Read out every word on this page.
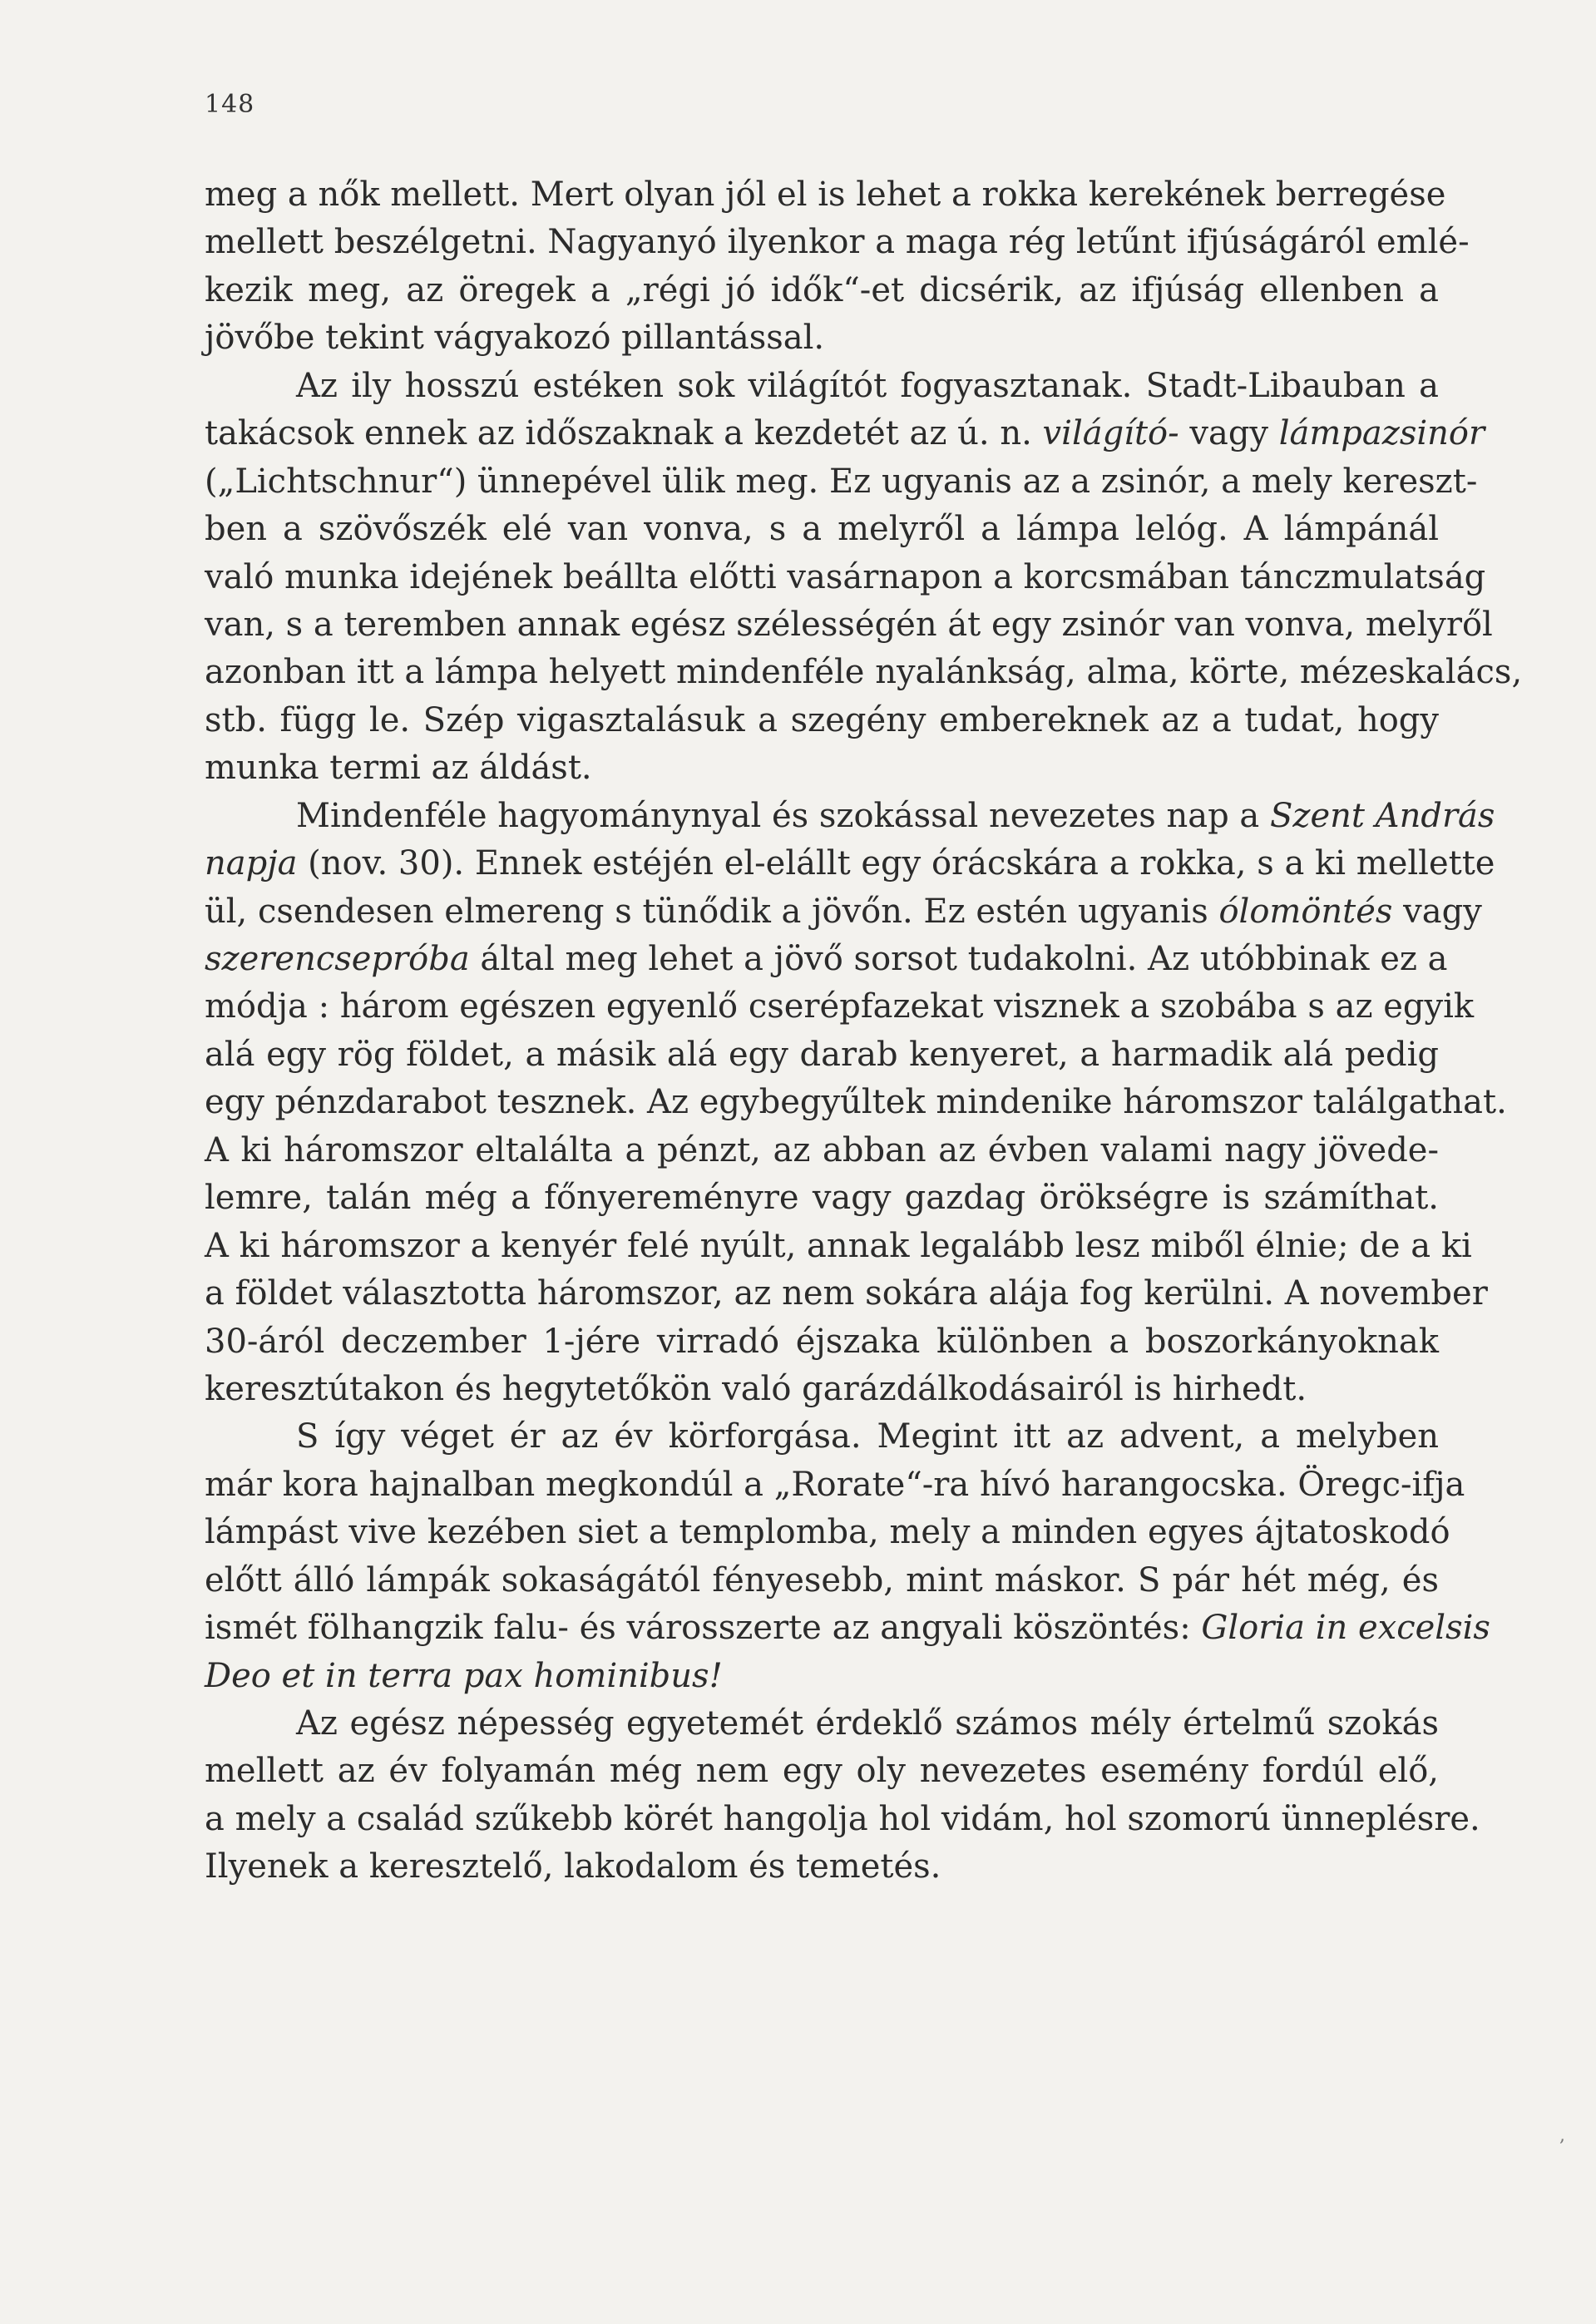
148
meg a nők mellett. Mert olyan jól el is lehet a rokka kerekének berregése
mellett beszélgetni. Nagyanyó ilyenkor a maga rég letűnt ifjúságáról emlé-
kezik meg, az öregek a „régi jó idők“-et dicsérik, az ifjúság ellenben a
jövőbe tekint vágyakozó pillantással.
Az ily hosszú estéken sok világítót fogyasztanak. Stadt-Libauban a
takácsok ennek az időszaknak a kezdetét az ú. n. világító- vagy lámpazsinór
(„Lichtschnur“) ünnepével ülik meg. Ez ugyanis az a zsinór, a mely kereszt-
ben a szövőszék elé van vonva, s a melyről a lámpa lelóg. A lámpánál
való munka idejének beállta előtti vasárnapon a korcsmában tánczmulatság
van, s a teremben annak egész szélességén át egy zsinór van vonva, melyről
azonban itt a lámpa helyett mindenféle nyalánkság, alma, körte, mézeskalács,
stb. függ le. Szép vigasztalásuk a szegény embereknek az a tudat, hogy
munka termi az áldást.
Mindenféle hagyománynyal és szokással nevezetes nap a Szent András
napja (nov. 30). Ennek estéjén el-elállt egy órácskára a rokka, s a ki mellette
ül, csendesen elmereng s tünődik a jövőn. Ez estén ugyanis ólomöntés vagy
szerencsepróba által meg lehet a jövő sorsot tudakolni. Az utóbbinak ez a
módja : három egészen egyenlő cserépfazekat visznek a szobába s az egyik
alá egy rög földet, a másik alá egy darab kenyeret, a harmadik alá pedig
egy pénzdarabot tesznek. Az egybegyűltek mindenike háromszor találgathat.
A ki háromszor eltalálta a pénzt, az abban az évben valami nagy jövede-
lemre, talán még a főnyereményre vagy gazdag örökségre is számíthat.
A ki háromszor a kenyér felé nyúlt, annak legalább lesz miből élnie; de a ki
a földet választotta háromszor, az nem sokára alája fog kerülni. A november
30-áról deczember 1-jére virradó éjszaka különben a boszorkányoknak
keresztútakon és hegytetőkön való garázdálkodásairól is hirhedt.
S így véget ér az év körforgása. Megint itt az advent, a melyben
már kora hajnalban megkondúl a „Rorate“-ra hívó harangocska. Öregc-ifja
lámpást vive kezében siet a templomba, mely a minden egyes ájtatoskodó
előtt álló lámpák sokaságától fényesebb, mint máskor. S pár hét még, és
ismét fölhangzik falu- és városszerte az angyali köszöntés: Gloria in excelsis
Deo et in terra pax hominibus!
Az egész népesség egyetemét érdeklő számos mély értelmű szokás
mellett az év folyamán még nem egy oly nevezetes esemény fordúl elő,
a mely a család szűkebb körét hangolja hol vidám, hol szomorú ünneplésre.
Ilyenek a keresztelő, lakodalom és temetés.
,
